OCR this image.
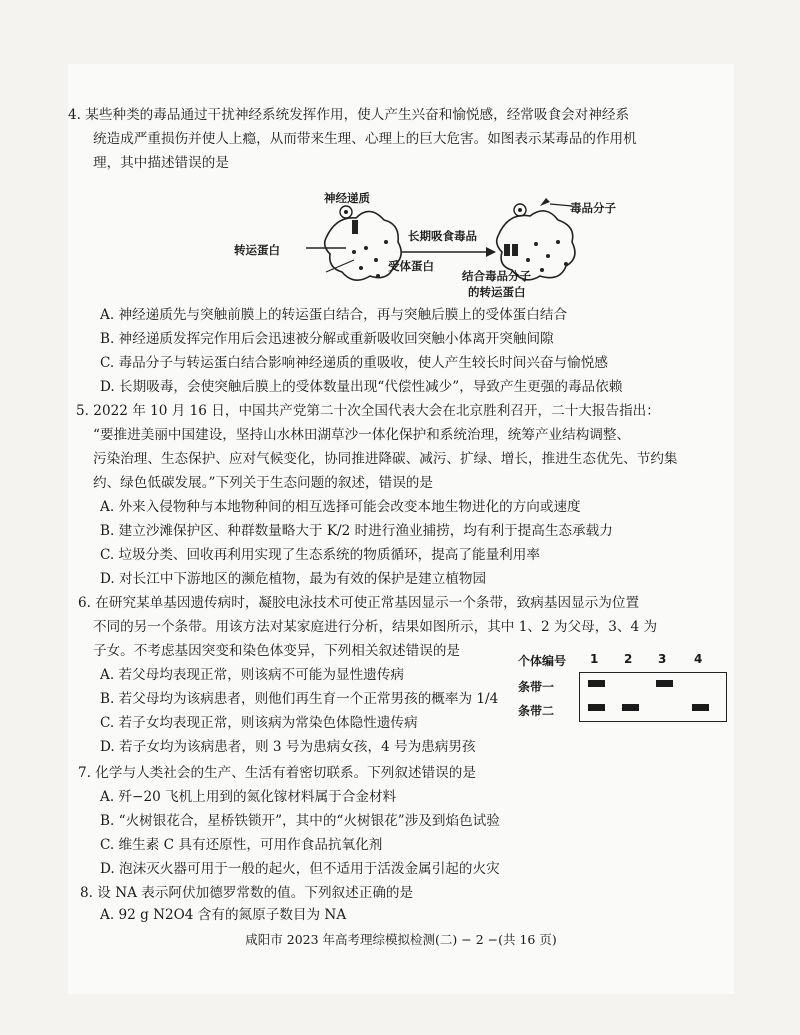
4. 某些种类的毒品通过干扰神经系统发挥作用，使人产生兴奋和愉悦感，经常吸食会对神经系
统造成严重损伤并使人上瘾，从而带来生理、心理上的巨大危害。如图表示某毒品的作用机
理，其中描述错误的是
神经递质
转运蛋白
长期吸食毒品
毒品分子
受体蛋白
结合毒品分子
的转运蛋白
A. 神经递质先与突触前膜上的转运蛋白结合，再与突触后膜上的受体蛋白结合
B. 神经递质发挥完作用后会迅速被分解或重新吸收回突触小体离开突触间隙
C. 毒品分子与转运蛋白结合影响神经递质的重吸收，使人产生较长时间兴奋与愉悦感
D. 长期吸毒，会使突触后膜上的受体数量出现“代偿性减少”，导致产生更强的毒品依赖
5. 2022 年 10 月 16 日，中国共产党第二十次全国代表大会在北京胜利召开，二十大报告指出：
“要推进美丽中国建设，坚持山水林田湖草沙一体化保护和系统治理，统筹产业结构调整、
污染治理、生态保护、应对气候变化，协同推进降碳、减污、扩绿、增长，推进生态优先、节约集
约、绿色低碳发展。”下列关于生态问题的叙述，错误的是
A. 外来入侵物种与本地物种间的相互选择可能会改变本地生物进化的方向或速度
B. 建立沙滩保护区、种群数量略大于 K/2 时进行渔业捕捞，均有利于提高生态承载力
C. 垃圾分类、回收再利用实现了生态系统的物质循环，提高了能量利用率
D. 对长江中下游地区的濒危植物，最为有效的保护是建立植物园
6. 在研究某单基因遗传病时，凝胶电泳技术可使正常基因显示一个条带，致病基因显示为位置
不同的另一个条带。用该方法对某家庭进行分析，结果如图所示，其中 1、2 为父母，3、4 为
子女。不考虑基因突变和染色体变异，下列相关叙述错误的是
A. 若父母均表现正常，则该病不可能为显性遗传病
B. 若父母均为该病患者，则他们再生育一个正常男孩的概率为 1/4
C. 若子女均表现正常，则该病为常染色体隐性遗传病
D. 若子女均为该病患者，则 3 号为患病女孩，4 号为患病男孩
个体编号 1 2 3 4
条带一
条带二
7. 化学与人类社会的生产、生活有着密切联系。下列叙述错误的是
A. 歼−20 飞机上用到的氮化镓材料属于合金材料
B. “火树银花合，星桥铁锁开”，其中的“火树银花”涉及到焰色试验
C. 维生素 C 具有还原性，可用作食品抗氧化剂
D. 泡沫灭火器可用于一般的起火，但不适用于活泼金属引起的火灾
8. 设 NA 表示阿伏加德罗常数的值。下列叙述正确的是
A. 92 g N2O4 含有的氮原子数目为 NA
咸阳市 2023 年高考理综模拟检测(二) − 2 −(共 16 页)
